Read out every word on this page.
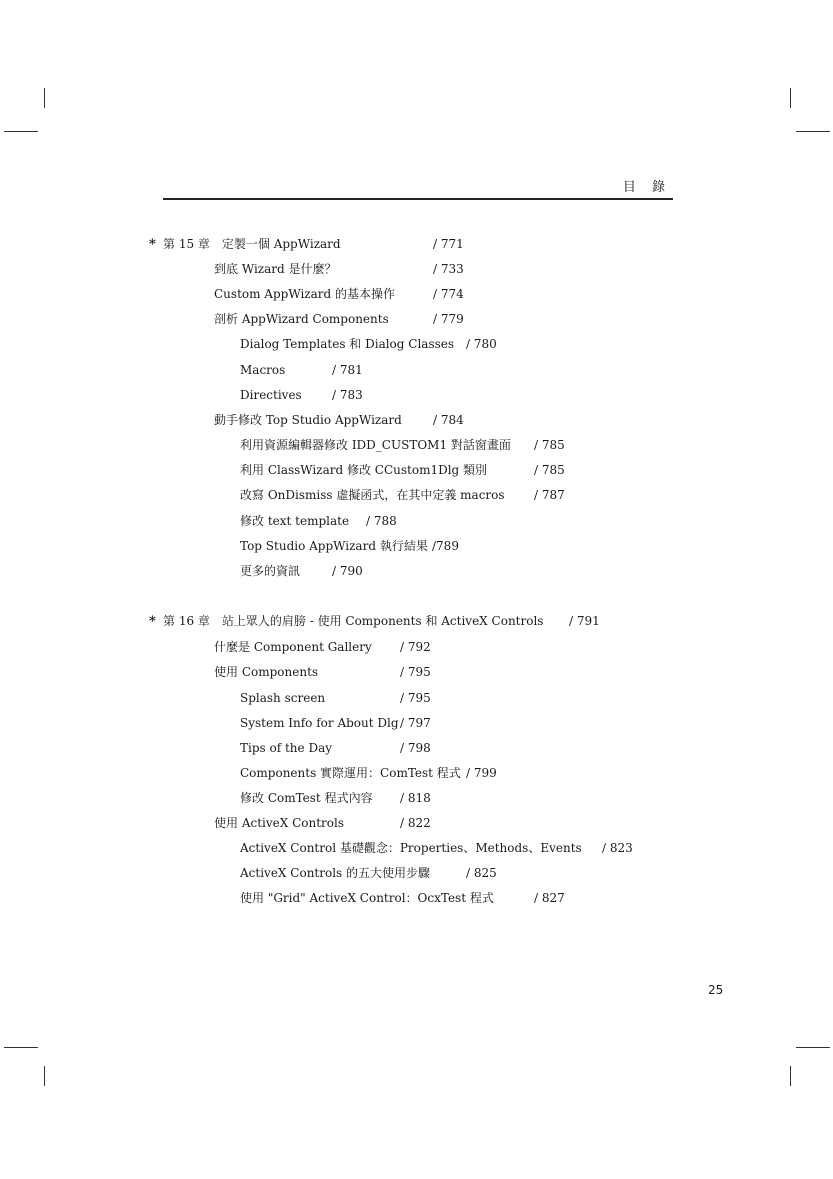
目 錄
* 第 15 章　定製一個 AppWizard	/ 771
到底 Wizard 是什麼？	/ 733
Custom AppWizard 的基本操作	/ 774
剖析 AppWizard Components	/ 779
Dialog Templates 和 Dialog Classes / 780
Macros	/ 781
Directives	/ 783
動手修改 Top Studio AppWizard	/ 784
利用資源編輯器修改 IDD_CUSTOM1 對話窗畫面 / 785
利用 ClassWizard 修改 CCustom1Dlg 類別	/ 785
改寫 OnDismiss 虛擬函式，在其中定義 macros / 787
修改 text template / 788
Top Studio AppWizard 執行結果 /789
更多的資訊	/ 790
* 第 16 章　站上眾人的肩膀 - 使用 Components 和 ActiveX Controls / 791
什麼是 Component Gallery / 792
使用 Components	/ 795
Splash screen	/ 795
System Info for About Dlg / 797
Tips of the Day	/ 798
Components 實際運用：ComTest 程式 / 799
修改 ComTest 程式內容 / 818
使用 ActiveX Controls	/ 822
ActiveX Control 基礎觀念：Properties、Methods、Events / 823
ActiveX Controls 的五大使用步驟	/ 825
使用 "Grid" ActiveX Control：OcxTest 程式	/ 827
25
